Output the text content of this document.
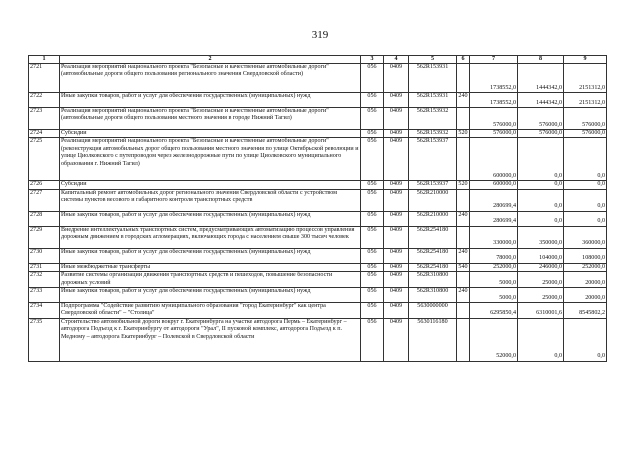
319
1	2	3	4	5	6	7	8	9
2721	Реализация мероприятий национального проекта "Безопасные и качественные автомобильные дороги" (автомобильные дороги общего пользования регионального значения Свердловской области)	056	0409	562R153931		1738552,0	1444342,0	2151312,0
2722	Иные закупки товаров, работ и услуг для обеспечения государственных (муниципальных) нужд	056	0409	562R153931	240	1738552,0	1444342,0	2151312,0
2723	Реализация мероприятий национального проекта "Безопасные и качественные автомобильные дороги" (автомобильные дороги общего пользования местного значения в городе Нижний Тагил)	056	0409	562R153932		576000,0	576000,0	576000,0
2724	Субсидии	056	0409	562R153932	520	576000,0	576000,0	576000,0
2725	Реализация мероприятий национального проекта "Безопасные и качественные автомобильные дороги" (реконструкция автомобильных дорог общего пользования местного значения по улице Октябрьской революции и улице Циолковского с путепроводом через железнодорожные пути по улице Циолковского муниципального образования г. Нижний Тагил)	056	0409	562R153937		600000,0	0,0	0,0
2726	Субсидии	056	0409	562R153937	520	600000,0	0,0	0,0
2727	Капитальный ремонт автомобильных дорог регионального значения Свердловской области с устройством системы пунктов весового и габаритного контроля транспортных средств	056	0409	562R210000		280699,4	0,0	0,0
2728	Иные закупки товаров, работ и услуг для обеспечения государственных (муниципальных) нужд	056	0409	562R210000	240	280699,4	0,0	0,0
2729	Внедрение интеллектуальных транспортных систем, предусматривающих автоматизацию процессов управления дорожным движением в городских агломерациях, включающих города с населением свыше 300 тысяч человек	056	0409	562R254180		330000,0	350000,0	360000,0
2730	Иные закупки товаров, работ и услуг для обеспечения государственных (муниципальных) нужд	056	0409	562R254180	240	78000,0	104000,0	108000,0
2731	Иные межбюджетные трансферты	056	0409	562R254180	540	252000,0	246000,0	252000,0
2732	Развитие системы организации движения транспортных средств и пешеходов, повышение безопасности дорожных условий	056	0409	562R310800		5000,0	25000,0	20000,0
2733	Иные закупки товаров, работ и услуг для обеспечения государственных (муниципальных) нужд	056	0409	562R310800	240	5000,0	25000,0	20000,0
2734	Подпрограмма "Содействие развитию муниципального образования "город Екатеринбург" как центра Свердловской области" – "Столица"	056	0409	5630000000		6295850,4	6310001,6	8545802,2
2735	Строительство автомобильной дороги вокруг г. Екатеринбурга на участке автодорога Пермь – Екатеринбург – автодорога Подъезд к г. Екатеринбургу от автодороги "Урал", II пусковой комплекс, автодорога Подъезд к п. Медному – автодорога Екатеринбург – Полевской в Свердловской области	056	0409	5630116180		52000,0	0,0	0,0
